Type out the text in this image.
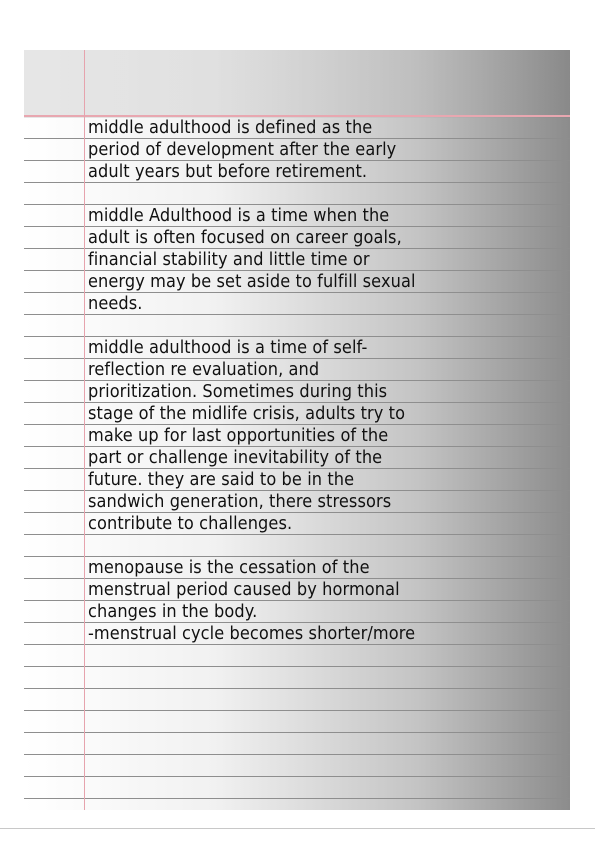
middle adulthood is defined as the
period of development after the early
adult years but before retirement.
middle Adulthood is a time when the
adult is often focused on career goals,
financial stability and little time or
energy may be set aside to fulfill sexual
needs.
middle adulthood is a time of self-
reflection re evaluation, and
prioritization. Sometimes during this
stage of the midlife crisis, adults try to
make up for last opportunities of the
part or challenge inevitability of the
future. they are said to be in the
sandwich generation, there stressors
contribute to challenges.
menopause is the cessation of the
menstrual period caused by hormonal
changes in the body.
-menstrual cycle becomes shorter/more
